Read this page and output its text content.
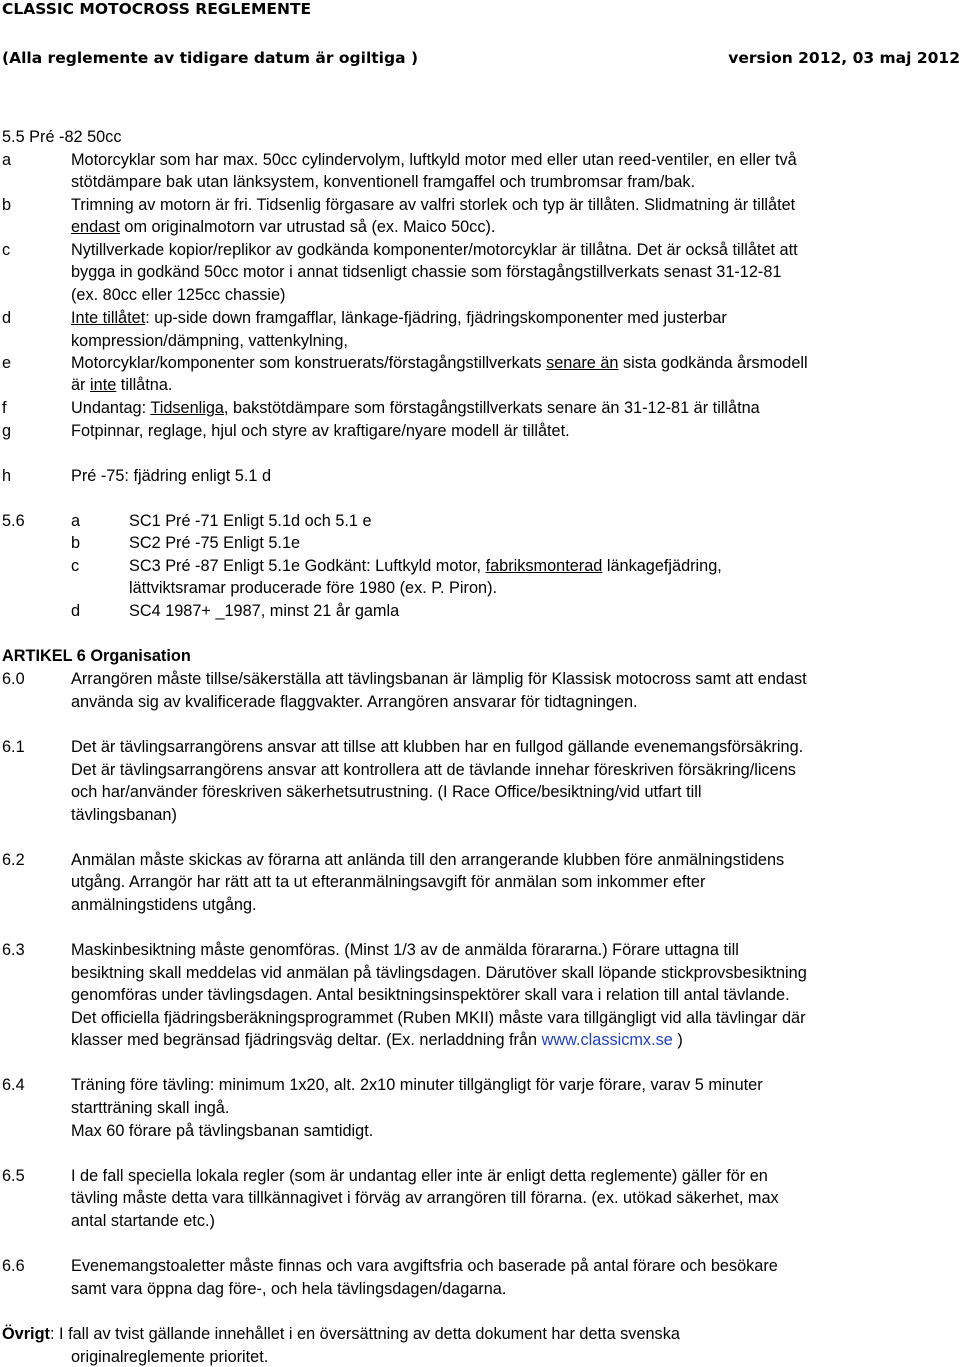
CLASSIC MOTOCROSS REGLEMENTE
(Alla reglemente av tidigare datum är ogiltiga )	version 2012, 03 maj 2012
5.5 Pré -82 50cc
a	Motorcyklar som har max. 50cc cylindervolym, luftkyld motor med eller utan reed-ventiler, en eller två
stötdämpare bak utan länksystem, konventionell framgaffel och trumbromsar fram/bak.
b	Trimning av motorn är fri. Tidsenlig förgasare av valfri storlek och typ är tillåten. Slidmatning är tillåtet
endast om originalmotorn var utrustad så (ex. Maico 50cc).
c	Nytillverkade kopior/replikor av godkända komponenter/motorcyklar är tillåtna. Det är också tillåtet att
bygga in godkänd 50cc motor i annat tidsenligt chassie som förstagångstillverkats senast 31-12-81
(ex. 80cc eller 125cc chassie)
d	Inte tillåtet: up-side down framgafflar, länkage-fjädring, fjädringskomponenter med justerbar
kompression/dämpning, vattenkylning,
e	Motorcyklar/komponenter som konstruerats/förstagångstillverkats senare än sista godkända årsmodell
är inte tillåtna.
f	Undantag: Tidsenliga, bakstötdämpare som förstagångstillverkats senare än 31-12-81 är tillåtna
g	Fotpinnar, reglage, hjul och styre av kraftigare/nyare modell är tillåtet.
h	Pré -75: fjädring enligt 5.1 d
5.6	a	SC1 Pré -71 Enligt 5.1d och 5.1 e
b	SC2 Pré -75 Enligt 5.1e
c	SC3 Pré -87 Enligt 5.1e Godkänt: Luftkyld motor, fabriksmonterad länkagefjädring,
lättviktsramar producerade före 1980 (ex. P. Piron).
d	SC4 1987+ _1987, minst 21 år gamla
ARTIKEL 6 Organisation
6.0	Arrangören måste tillse/säkerställa att tävlingsbanan är lämplig för Klassisk motocross samt att endast
använda sig av kvalificerade flaggvakter. Arrangören ansvarar för tidtagningen.
6.1	Det är tävlingsarrangörens ansvar att tillse att klubben har en fullgod gällande evenemangsförsäkring.
Det är tävlingsarrangörens ansvar att kontrollera att de tävlande innehar föreskriven försäkring/licens
och har/använder föreskriven säkerhetsutrustning. (I Race Office/besiktning/vid utfart till
tävlingsbanan)
6.2	Anmälan måste skickas av förarna att anlända till den arrangerande klubben före anmälningstidens
utgång. Arrangör har rätt att ta ut efteranmälningsavgift för anmälan som inkommer efter
anmälningstidens utgång.
6.3	Maskinbesiktning måste genomföras. (Minst 1/3 av de anmälda förararna.) Förare uttagna till
besiktning skall meddelas vid anmälan på tävlingsdagen. Därutöver skall löpande stickprovsbesiktning
genomföras under tävlingsdagen. Antal besiktningsinspektörer skall vara i relation till antal tävlande.
Det officiella fjädringsberäkningsprogrammet (Ruben MKII) måste vara tillgängligt vid alla tävlingar där
klasser med begränsad fjädringsväg deltar. (Ex. nerladdning från www.classicmx.se )
6.4	Träning före tävling: minimum 1x20, alt. 2x10 minuter tillgängligt för varje förare, varav 5 minuter
startträning skall ingå.
Max 60 förare på tävlingsbanan samtidigt.
6.5	I de fall speciella lokala regler (som är undantag eller inte är enligt detta reglemente) gäller för en
tävling måste detta vara tillkännagivet i förväg av arrangören till förarna. (ex. utökad säkerhet, max
antal startande etc.)
6.6	Evenemangstoaletter måste finnas och vara avgiftsfria och baserade på antal förare och besökare
samt vara öppna dag före-, och hela tävlingsdagen/dagarna.
Övrigt: I fall av tvist gällande innehållet i en översättning av detta dokument har detta svenska
originalreglemente prioritet.
